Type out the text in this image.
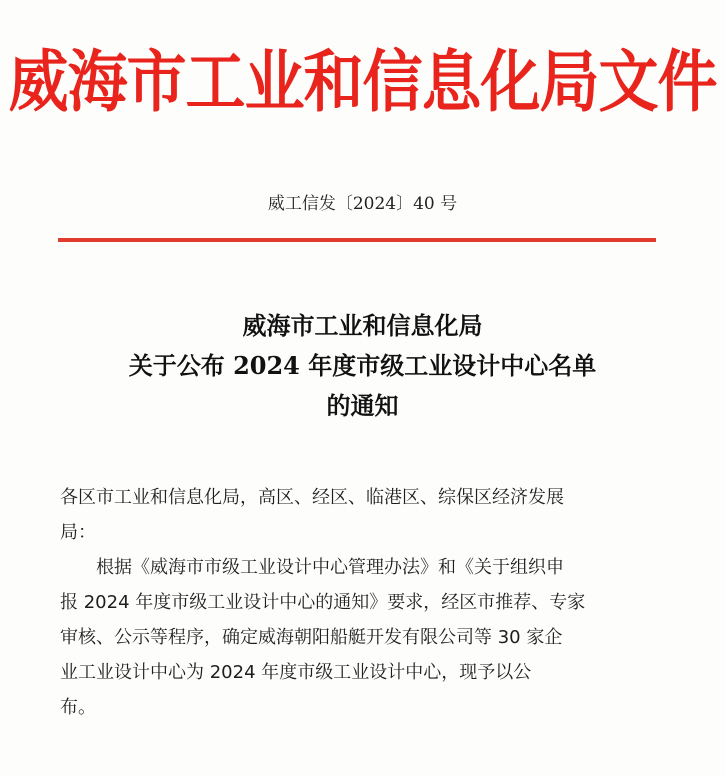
威海市工业和信息化局文件
威工信发〔2024〕40 号
威海市工业和信息化局
关于公布 2024 年度市级工业设计中心名单
的通知
各区市工业和信息化局，高区、经区、临港区、综保区经济发展
局：
根据《威海市市级工业设计中心管理办法》和《关于组织申
报 2024 年度市级工业设计中心的通知》要求，经区市推荐、专家
审核、公示等程序，确定威海朝阳船艇开发有限公司等 30 家企
业工业设计中心为 2024 年度市级工业设计中心，现予以公
布。
